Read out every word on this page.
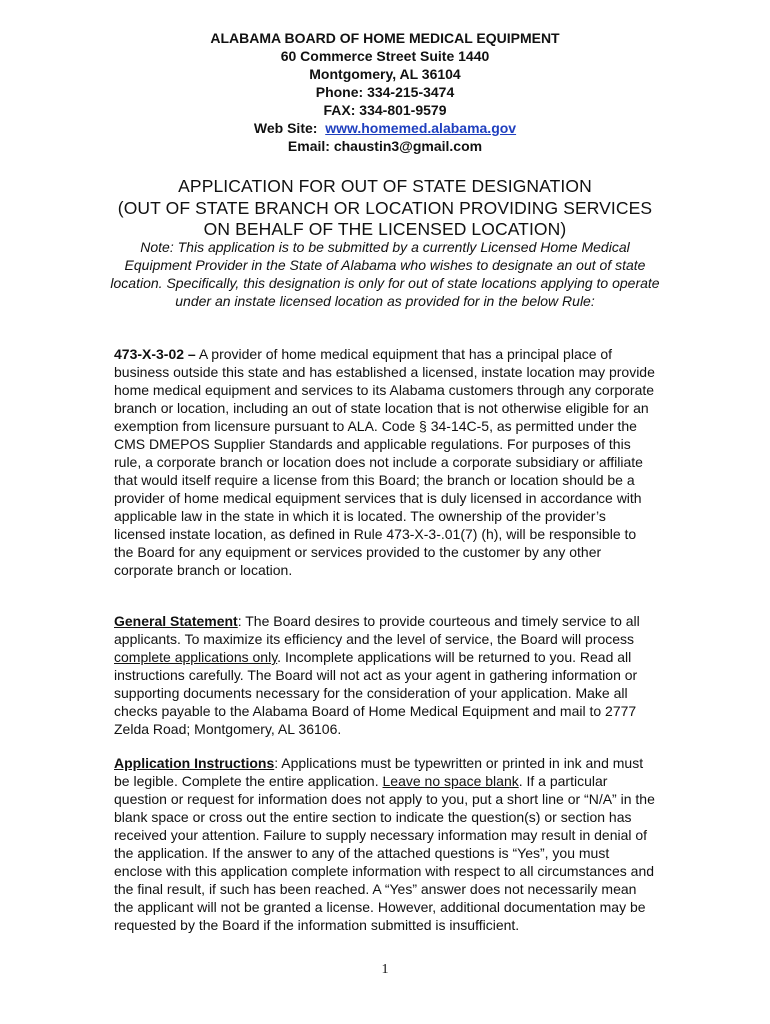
ALABAMA BOARD OF HOME MEDICAL EQUIPMENT
60 Commerce Street Suite 1440
Montgomery, AL 36104
Phone: 334-215-3474
FAX: 334-801-9579
Web Site:  www.homemed.alabama.gov
Email: chaustin3@gmail.com
APPLICATION FOR OUT OF STATE DESIGNATION
(OUT OF STATE BRANCH OR LOCATION PROVIDING SERVICES
ON BEHALF OF THE LICENSED LOCATION)
Note: This application is to be submitted by a currently Licensed Home Medical Equipment Provider in the State of Alabama who wishes to designate an out of state location. Specifically, this designation is only for out of state locations applying to operate under an instate licensed location as provided for in the below Rule:
473-X-3-02 – A provider of home medical equipment that has a principal place of business outside this state and has established a licensed, instate location may provide home medical equipment and services to its Alabama customers through any corporate branch or location, including an out of state location that is not otherwise eligible for an exemption from licensure pursuant to ALA. Code § 34-14C-5, as permitted under the CMS DMEPOS Supplier Standards and applicable regulations. For purposes of this rule, a corporate branch or location does not include a corporate subsidiary or affiliate that would itself require a license from this Board; the branch or location should be a provider of home medical equipment services that is duly licensed in accordance with applicable law in the state in which it is located. The ownership of the provider’s licensed instate location, as defined in Rule 473-X-3-.01(7) (h), will be responsible to the Board for any equipment or services provided to the customer by any other corporate branch or location.
General Statement: The Board desires to provide courteous and timely service to all applicants. To maximize its efficiency and the level of service, the Board will process complete applications only. Incomplete applications will be returned to you. Read all instructions carefully. The Board will not act as your agent in gathering information or supporting documents necessary for the consideration of your application. Make all checks payable to the Alabama Board of Home Medical Equipment and mail to 2777 Zelda Road; Montgomery, AL 36106.
Application Instructions: Applications must be typewritten or printed in ink and must be legible. Complete the entire application. Leave no space blank. If a particular question or request for information does not apply to you, put a short line or “N/A” in the blank space or cross out the entire section to indicate the question(s) or section has received your attention. Failure to supply necessary information may result in denial of the application. If the answer to any of the attached questions is “Yes”, you must enclose with this application complete information with respect to all circumstances and the final result, if such has been reached. A “Yes” answer does not necessarily mean the applicant will not be granted a license. However, additional documentation may be requested by the Board if the information submitted is insufficient.
1
